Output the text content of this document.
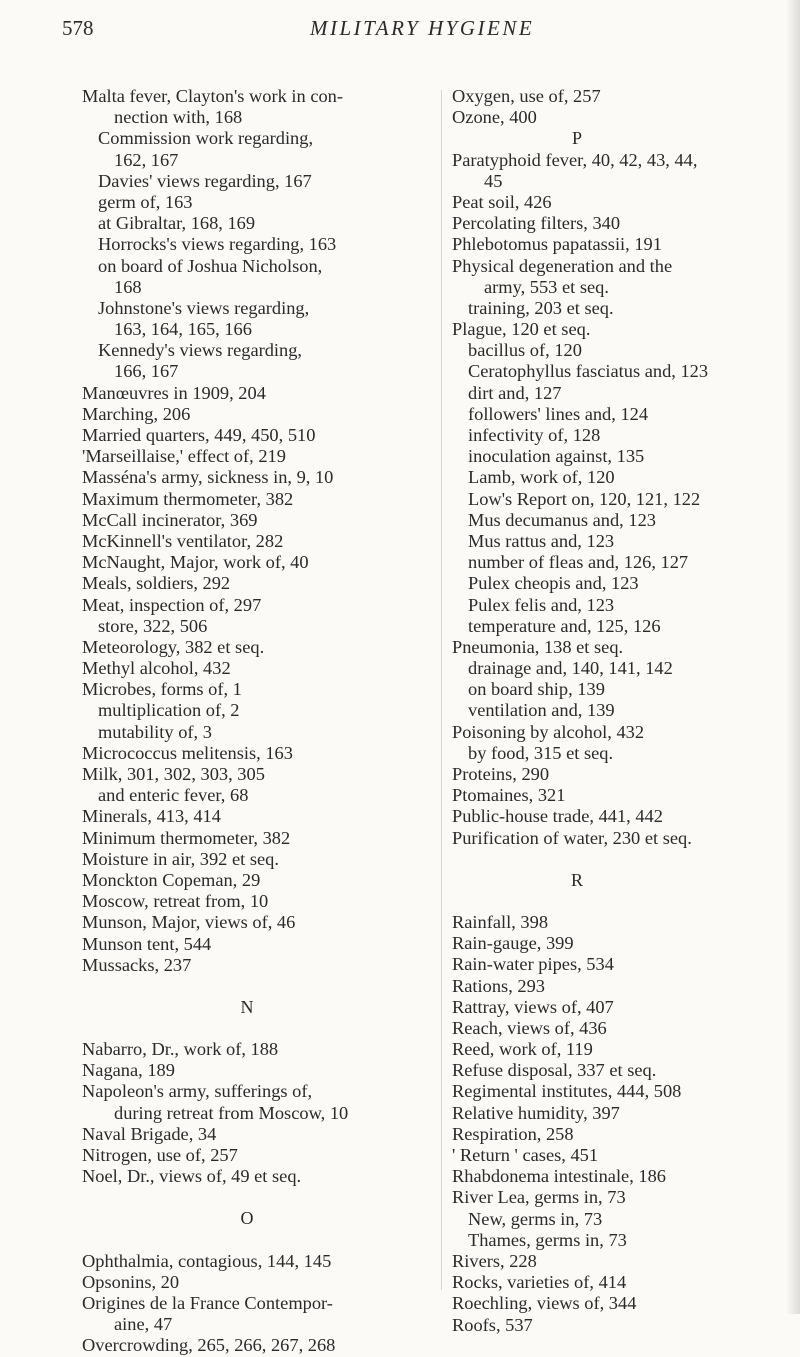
578	MILITARY HYGIENE
Malta fever, Clayton's work in con-
nection with, 168
Commission work regarding,
162, 167
Davies' views regarding, 167
germ of, 163
at Gibraltar, 168, 169
Horrocks's views regarding, 163
on board of Joshua Nicholson,
168
Johnstone's views regarding,
163, 164, 165, 166
Kennedy's views regarding,
166, 167
Manœuvres in 1909, 204
Marching, 206
Married quarters, 449, 450, 510
'Marseillaise,' effect of, 219
Masséna's army, sickness in, 9, 10
Maximum thermometer, 382
McCall incinerator, 369
McKinnell's ventilator, 282
McNaught, Major, work of, 40
Meals, soldiers, 292
Meat, inspection of, 297
store, 322, 506
Meteorology, 382 et seq.
Methyl alcohol, 432
Microbes, forms of, 1
multiplication of, 2
mutability of, 3
Micrococcus melitensis, 163
Milk, 301, 302, 303, 305
and enteric fever, 68
Minerals, 413, 414
Minimum thermometer, 382
Moisture in air, 392 et seq.
Monckton Copeman, 29
Moscow, retreat from, 10
Munson, Major, views of, 46
Munson tent, 544
Mussacks, 237
N
Nabarro, Dr., work of, 188
Nagana, 189
Napoleon's army, sufferings of,
during retreat from Moscow, 10
Naval Brigade, 34
Nitrogen, use of, 257
Noel, Dr., views of, 49 et seq.
O
Ophthalmia, contagious, 144, 145
Opsonins, 20
Origines de la France Contempor-
aine, 47
Overcrowding, 265, 266, 267, 268
Oxygen, use of, 257
Ozone, 400
P
Paratyphoid fever, 40, 42, 43, 44,
45
Peat soil, 426
Percolating filters, 340
Phlebotomus papatassii, 191
Physical degeneration and the
army, 553 et seq.
training, 203 et seq.
Plague, 120 et seq.
bacillus of, 120
Ceratophyllus fasciatus and, 123
dirt and, 127
followers' lines and, 124
infectivity of, 128
inoculation against, 135
Lamb, work of, 120
Low's Report on, 120, 121, 122
Mus decumanus and, 123
Mus rattus and, 123
number of fleas and, 126, 127
Pulex cheopis and, 123
Pulex felis and, 123
temperature and, 125, 126
Pneumonia, 138 et seq.
drainage and, 140, 141, 142
on board ship, 139
ventilation and, 139
Poisoning by alcohol, 432
by food, 315 et seq.
Proteins, 290
Ptomaines, 321
Public-house trade, 441, 442
Purification of water, 230 et seq.
R
Rainfall, 398
Rain-gauge, 399
Rain-water pipes, 534
Rations, 293
Rattray, views of, 407
Reach, views of, 436
Reed, work of, 119
Refuse disposal, 337 et seq.
Regimental institutes, 444, 508
Relative humidity, 397
Respiration, 258
' Return ' cases, 451
Rhabdonema intestinale, 186
River Lea, germs in, 73
New, germs in, 73
Thames, germs in, 73
Rivers, 228
Rocks, varieties of, 414
Roechling, views of, 344
Roofs, 537
